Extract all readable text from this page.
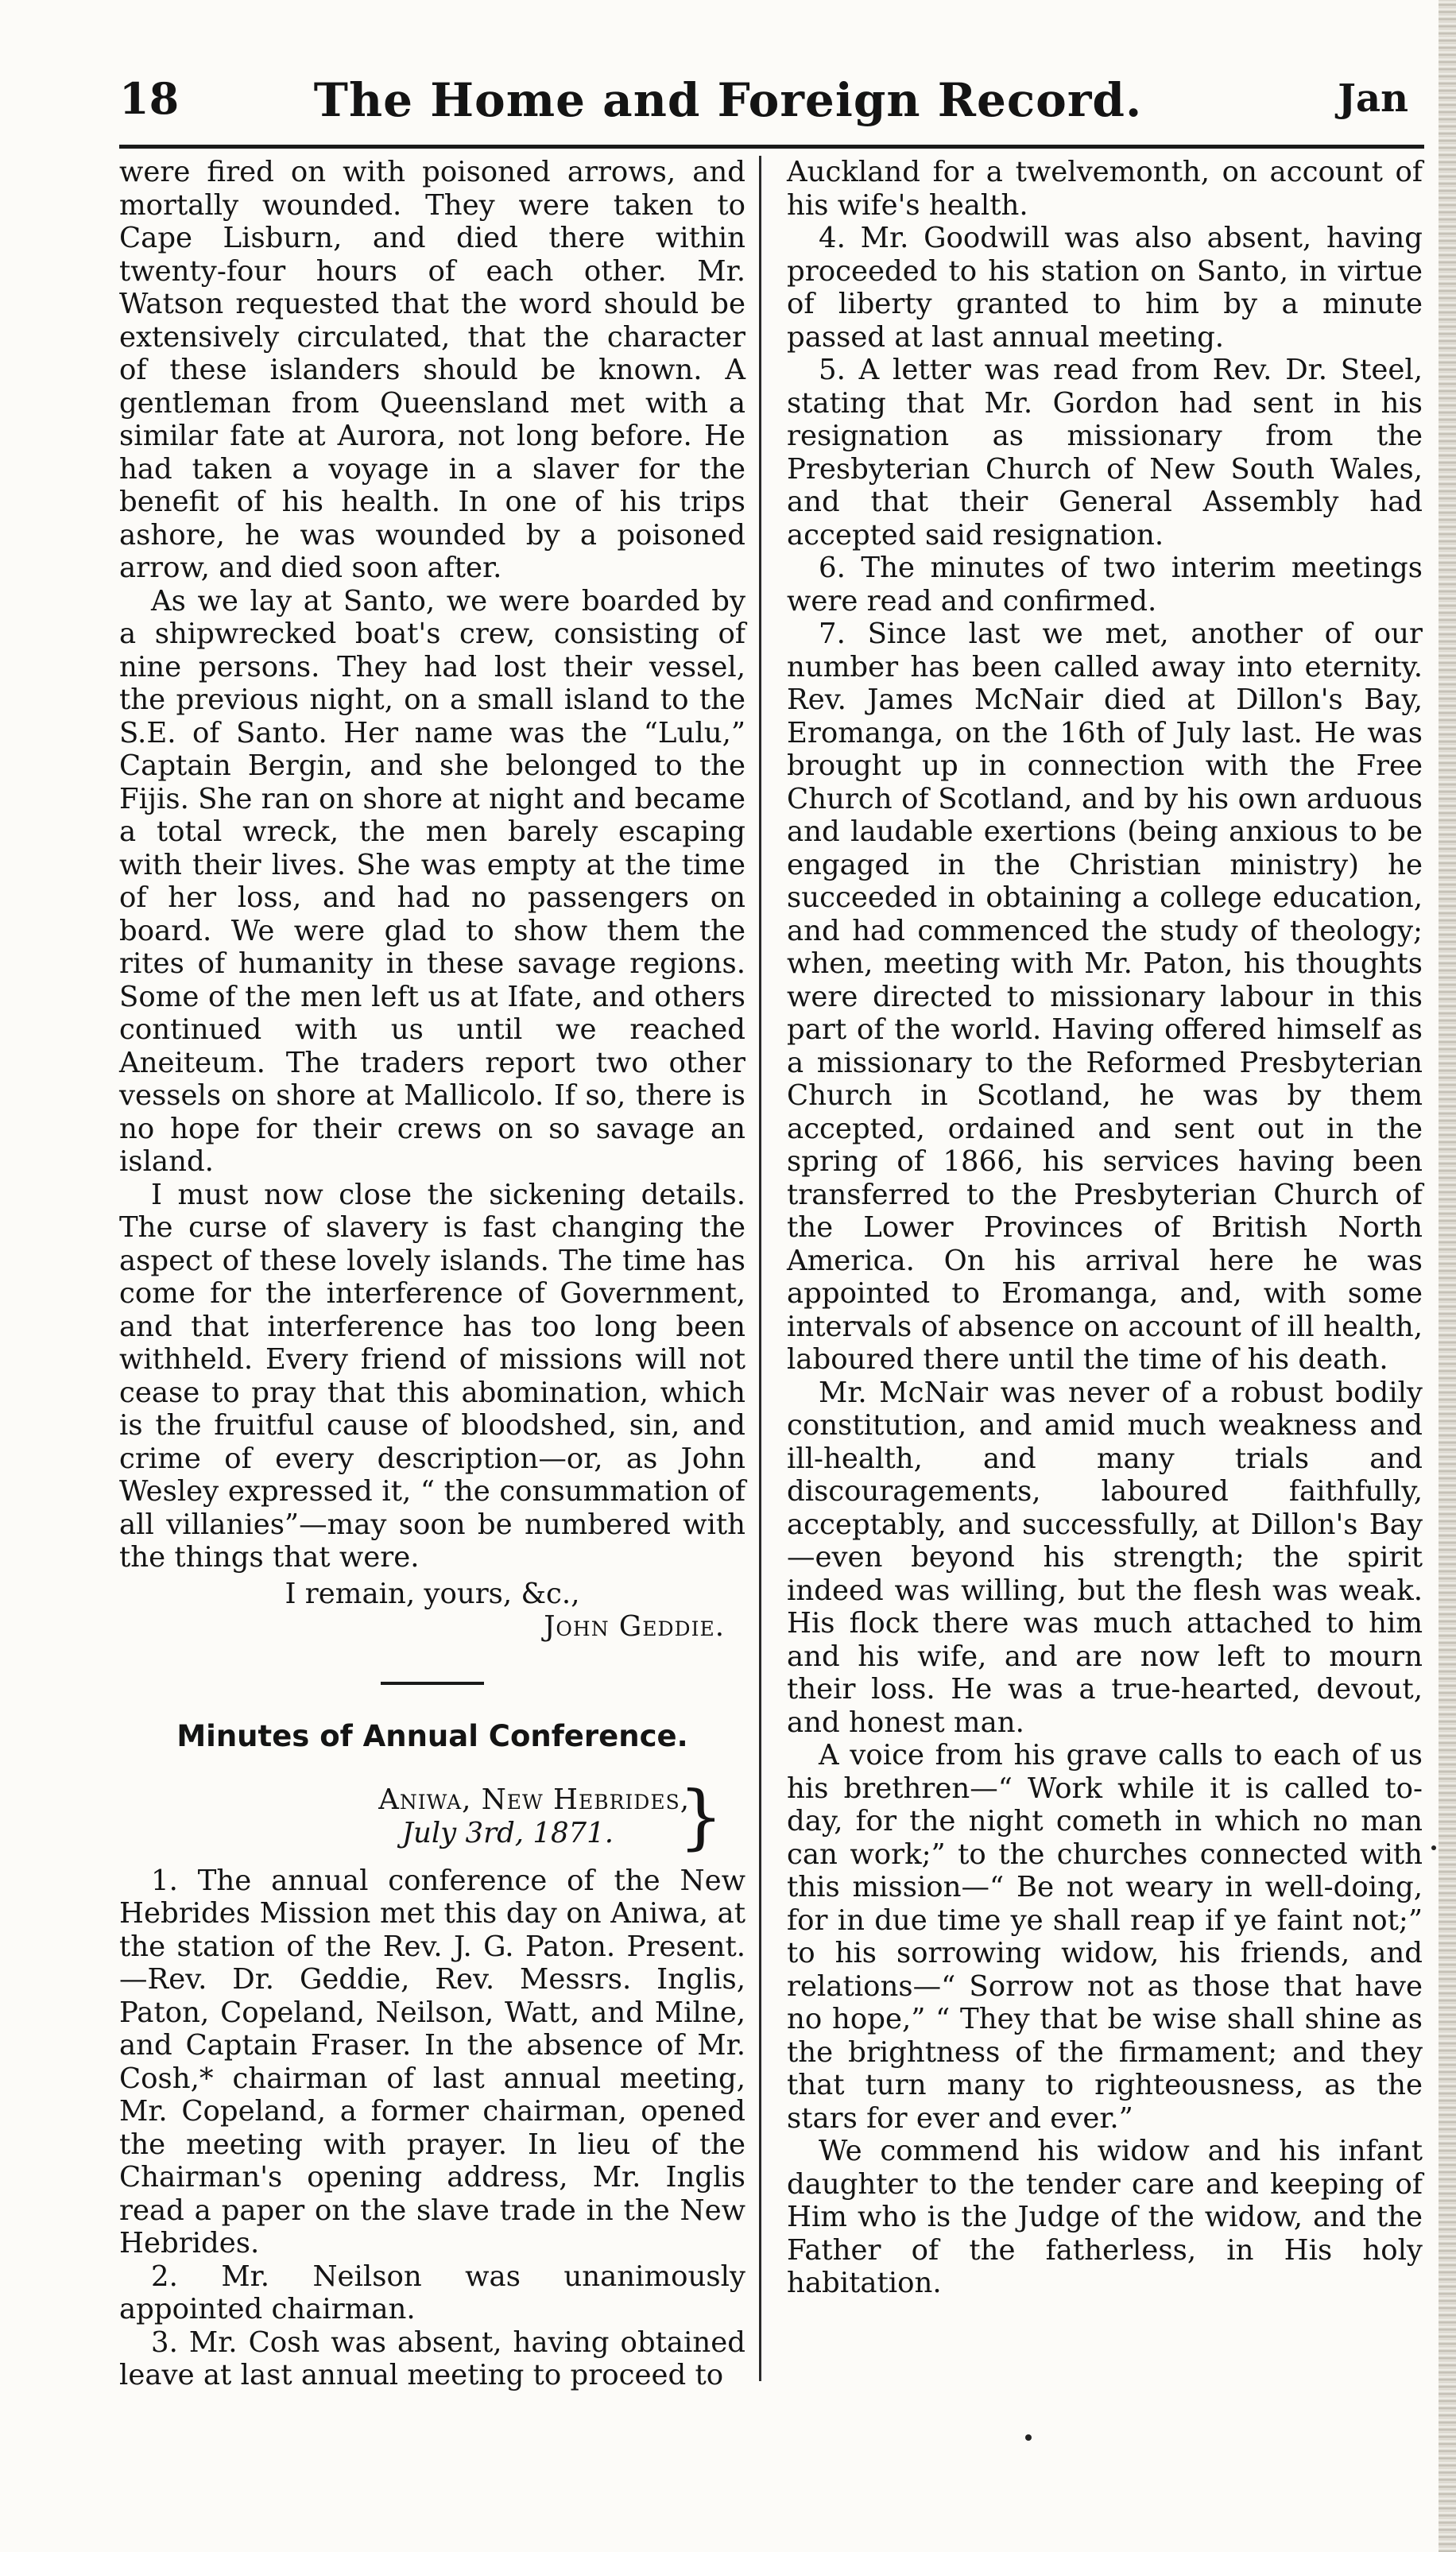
18	The Home and Foreign Record.	Jan

were fired on with poisoned arrows, and mortally wounded. They were taken to Cape Lisburn, and died there within twenty-four hours of each other. Mr. Watson requested that the word should be extensively circulated, that the character of these islanders should be known. A gentleman from Queensland met with a similar fate at Aurora, not long before. He had taken a voyage in a slaver for the benefit of his health. In one of his trips ashore, he was wounded by a poisoned arrow, and died soon after.

As we lay at Santo, we were boarded by a shipwrecked boat's crew, consisting of nine persons. They had lost their vessel, the previous night, on a small island to the S.E. of Santo. Her name was the “Lulu,” Captain Bergin, and she belonged to the Fijis. She ran on shore at night and became a total wreck, the men barely escaping with their lives. She was empty at the time of her loss, and had no passengers on board. We were glad to show them the rites of humanity in these savage regions. Some of the men left us at Ifate, and others continued with us until we reached Aneiteum. The traders report two other vessels on shore at Mallicolo. If so, there is no hope for their crews on so savage an island.

I must now close the sickening details. The curse of slavery is fast changing the aspect of these lovely islands. The time has come for the interference of Government, and that interference has too long been withheld. Every friend of missions will not cease to pray that this abomination, which is the fruitful cause of bloodshed, sin, and crime of every description—or, as John Wesley expressed it, “ the consummation of all villanies”—may soon be numbered with the things that were.

I remain, yours, &c.,

John Geddie.

Minutes of Annual Conference.
Aniwa, New Hebrides,
July 3rd, 1871. }

1. The annual conference of the New Hebrides Mission met this day on Aniwa, at the station of the Rev. J. G. Paton. Present.—Rev. Dr. Geddie, Rev. Messrs. Inglis, Paton, Copeland, Neilson, Watt, and Milne, and Captain Fraser. In the absence of Mr. Cosh,* chairman of last annual meeting, Mr. Copeland, a former chairman, opened the meeting with prayer. In lieu of the Chairman's opening address, Mr. Inglis read a paper on the slave trade in the New Hebrides.

2. Mr. Neilson was unanimously appointed chairman.

3. Mr. Cosh was absent, having obtained leave at last annual meeting to proceed to

Auckland for a twelvemonth, on account of his wife's health.

4. Mr. Goodwill was also absent, having proceeded to his station on Santo, in virtue of liberty granted to him by a minute passed at last annual meeting.

5. A letter was read from Rev. Dr. Steel, stating that Mr. Gordon had sent in his resignation as missionary from the Presbyterian Church of New South Wales, and that their General Assembly had accepted said resignation.

6. The minutes of two interim meetings were read and confirmed.

7. Since last we met, another of our number has been called away into eternity. Rev. James McNair died at Dillon's Bay, Eromanga, on the 16th of July last. He was brought up in connection with the Free Church of Scotland, and by his own arduous and laudable exertions (being anxious to be engaged in the Christian ministry) he succeeded in obtaining a college education, and had commenced the study of theology; when, meeting with Mr. Paton, his thoughts were directed to missionary labour in this part of the world. Having offered himself as a missionary to the Reformed Presbyterian Church in Scotland, he was by them accepted, ordained and sent out in the spring of 1866, his services having been transferred to the Presbyterian Church of the Lower Provinces of British North America. On his arrival here he was appointed to Eromanga, and, with some intervals of absence on account of ill health, laboured there until the time of his death.

Mr. McNair was never of a robust bodily constitution, and amid much weakness and ill-health, and many trials and discouragements, laboured faithfully, acceptably, and successfully, at Dillon's Bay—even beyond his strength; the spirit indeed was willing, but the flesh was weak. His flock there was much attached to him and his wife, and are now left to mourn their loss. He was a true-hearted, devout, and honest man.

A voice from his grave calls to each of us his brethren—“ Work while it is called to-day, for the night cometh in which no man can work;” to the churches connected with this mission—“ Be not weary in well-doing, for in due time ye shall reap if ye faint not;” to his sorrowing widow, his friends, and relations—“ Sorrow not as those that have no hope,” “ They that be wise shall shine as the brightness of the firmament; and they that turn many to righteousness, as the stars for ever and ever.”

We commend his widow and his infant daughter to the tender care and keeping of Him who is the Judge of the widow, and the Father of the fatherless, in His holy habitation.
